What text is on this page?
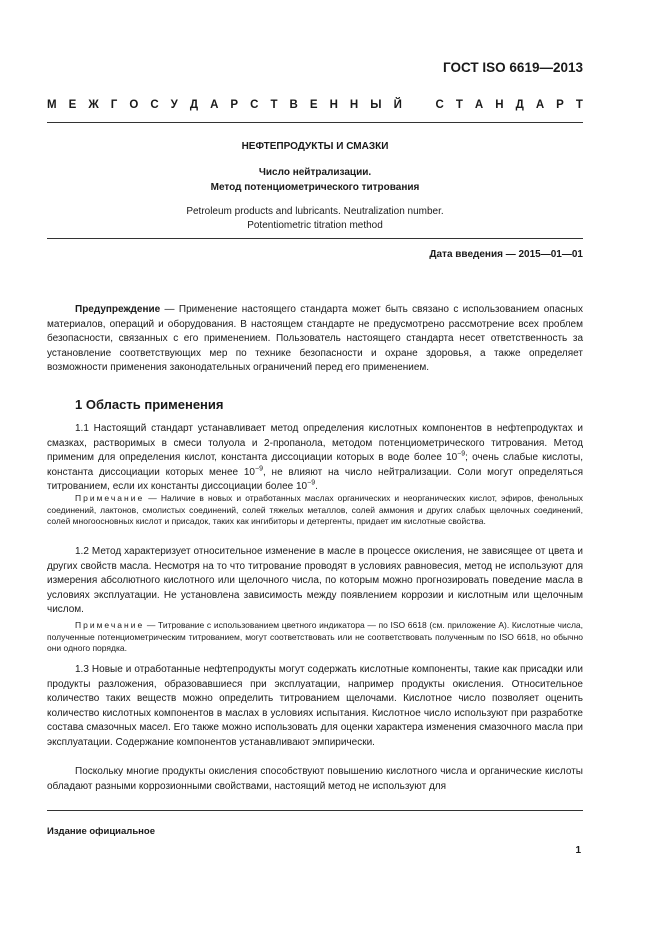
ГОСТ ISO 6619—2013
М Е Ж Г О С У Д А Р С Т В Е Н Н Ы Й
	С Т А Н Д А Р Т
НЕФТЕПРОДУКТЫ И СМАЗКИ
Число нейтрализации.
Метод потенциометрического титрования
Petroleum products and lubricants. Neutralization number.
Potentiometric titration method
Дата введения — 2015—01—01

Предупреждение — Применение настоящего стандарта может быть связано с использованием опасных материалов, операций и оборудования. В настоящем стандарте не предусмотрено рассмотрение всех проблем безопасности, связанных с его применением. Пользователь настоящего стандарта несет ответственность за установление соответствующих мер по технике безопасности и охране здоровья, а также определяет возможности применения законодательных ограничений перед его применением.

1 Область применения

1.1 Настоящий стандарт устанавливает метод определения кислотных компонентов в нефтепродуктах и смазках, растворимых в смеси толуола и 2-пропанола, методом потенциометрического титрования. Метод применим для определения кислот, константа диссоциации которых в воде более $10^{-9}$; очень слабые кислоты, константа диссоциации которых менее $10^{-9}$, не влияют на число нейтрализации. Соли могут определяться титрованием, если их константы диссоциации более $10^{-9}$.

Примечание — Наличие в новых и отработанных маслах органических и неорганических кислот, эфиров, фенольных соединений, лактонов, смолистых соединений, солей тяжелых металлов, солей аммония и других слабых щелочных соединений, солей многоосновных кислот и присадок, таких как ингибиторы и детергенты, придает им кислотные свойства.

1.2 Метод характеризует относительное изменение в масле в процессе окисления, не зависящее от цвета и других свойств масла. Несмотря на то что титрование проводят в условиях равновесия, метод не используют для измерения абсолютного кислотного или щелочного числа, по которым можно прогнозировать поведение масла в условиях эксплуатации. Не установлена зависимость между появлением коррозии и кислотным или щелочным числом.

Примечание — Титрование с использованием цветного индикатора — по ISO 6618 (см. приложение А). Кислотные числа, полученные потенциометрическим титрованием, могут соответствовать или не соответствовать полученным по ISO 6618, но обычно они одного порядка.

1.3 Новые и отработанные нефтепродукты могут содержать кислотные компоненты, такие как присадки или продукты разложения, образовавшиеся при эксплуатации, например продукты окисления. Относительное количество таких веществ можно определить титрованием щелочами. Кислотное число позволяет оценить количество кислотных компонентов в маслах в условиях испытания. Кислотное число используют при разработке состава смазочных масел. Его также можно использовать для оценки характера изменения смазочного масла при эксплуатации. Содержание компонентов устанавливают эмпирически.

Поскольку многие продукты окисления способствуют повышению кислотного числа и органические кислоты обладают разными коррозионными свойствами, настоящий метод не используют для

Издание официальное
1
